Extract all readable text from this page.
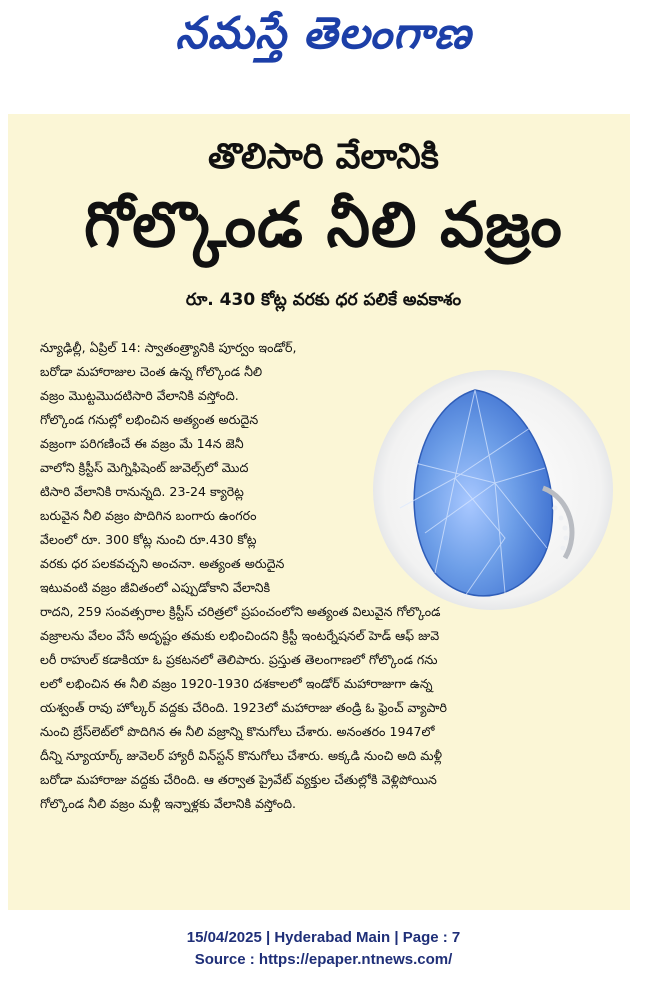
నమస్తే తెలంగాణ
తొలిసారి వేలానికి
గోల్కొండ నీలి వజ్రం
రూ. 430 కోట్ల వరకు ధర పలికే అవకాశం
న్యూఢిల్లీ, ఏప్రిల్ 14: స్వాతంత్ర్యానికి పూర్వం ఇండోర్,
బరోడా మహారాజుల చెంత ఉన్న గోల్కొండ నీలి
వజ్రం మొట్టమొదటిసారి వేలానికి వస్తోంది.
గోల్కొండ గనుల్లో లభించిన అత్యంత అరుదైన
వజ్రంగా పరిగణించే ఈ వజ్రం మే 14న జెనీ
వాలోని క్రిస్టీస్ మెగ్నిఫిషెంట్ జువెల్స్‌లో మొద
టిసారి వేలానికి రానున్నది. 23-24 క్యారెట్ల
బరువైన నీలి వజ్రం పొదిగిన బంగారు ఉంగరం
వేలంలో రూ. 300 కోట్ల నుంచి రూ.430 కోట్ల
వరకు ధర పలకవచ్చని అంచనా. అత్యంత అరుదైన
ఇటువంటి వజ్రం జీవితంలో ఎప్పుడోకాని వేలానికి
రాదని, 259 సంవత్సరాల క్రిస్టీస్ చరిత్రలో ప్రపంచంలోని అత్యంత విలువైన గోల్కొండ
వజ్రాలను వేలం వేసే అదృష్టం తమకు లభించిందని క్రిస్టీ ఇంటర్నేషనల్ హెడ్ ఆఫ్ జువె
లరీ రాహుల్ కడాకియా ఓ ప్రకటనలో తెలిపారు. ప్రస్తుత తెలంగాణలో గోల్కొండ గను
లలో లభించిన ఈ నీలి వజ్రం 1920-1930 దశకాలలో ఇండోర్ మహారాజుగా ఉన్న
యశ్వంత్ రావు హోల్కర్ వద్దకు చేరింది. 1923లో మహారాజు తండ్రి ఓ ఫ్రెంచ్ వ్యాపారి
నుంచి బ్రేస్‌లెట్‌లో పొదిగిన ఈ నీలి వజ్రాన్ని కొనుగోలు చేశారు. అనంతరం 1947లో
దీన్ని న్యూయార్క్ జువెలర్ హ్యారీ విన్‌స్టన్ కొనుగోలు చేశారు. అక్కడి నుంచి అది మళ్లీ
బరోడా మహారాజు వద్దకు చేరింది. ఆ తర్వాత ప్రైవేట్ వ్యక్తుల చేతుల్లోకి వెళ్లిపోయిన
గోల్కొండ నీలి వజ్రం మళ్లీ ఇన్నాళ్లకు వేలానికి వస్తోంది.
15/04/2025 | Hyderabad Main | Page : 7
Source : https://epaper.ntnews.com/
